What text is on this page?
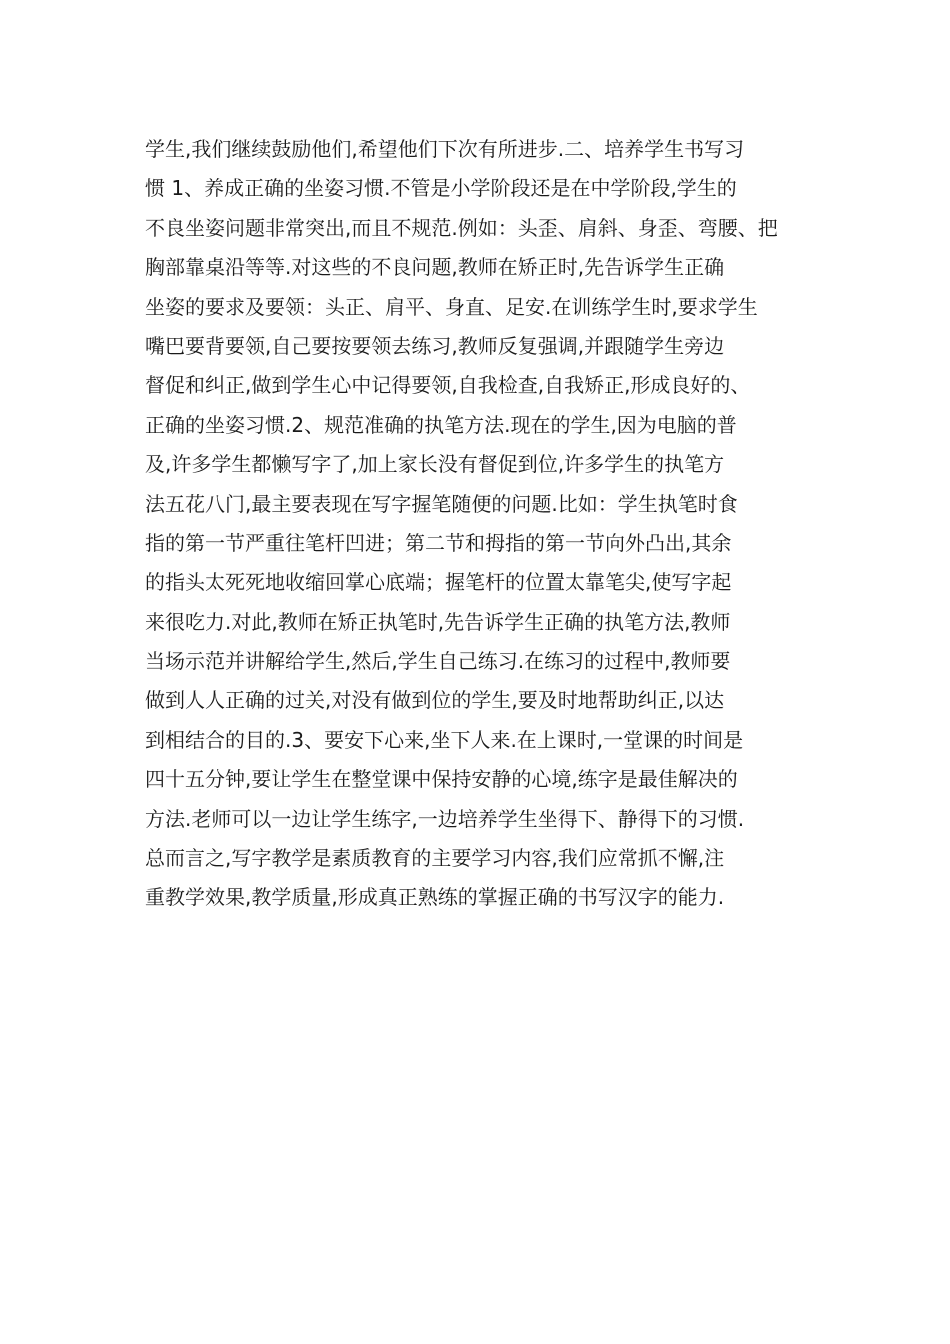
学生,我们继续鼓励他们,希望他们下次有所进步.二、培养学生书写习
惯 1、养成正确的坐姿习惯.不管是小学阶段还是在中学阶段,学生的
不良坐姿问题非常突出,而且不规范.例如：头歪、肩斜、身歪、弯腰、把
胸部靠桌沿等等.对这些的不良问题,教师在矫正时,先告诉学生正确
坐姿的要求及要领：头正、肩平、身直、足安.在训练学生时,要求学生
嘴巴要背要领,自己要按要领去练习,教师反复强调,并跟随学生旁边
督促和纠正,做到学生心中记得要领,自我检查,自我矫正,形成良好的、
正确的坐姿习惯.2、规范准确的执笔方法.现在的学生,因为电脑的普
及,许多学生都懒写字了,加上家长没有督促到位,许多学生的执笔方
法五花八门,最主要表现在写字握笔随便的问题.比如：学生执笔时食
指的第一节严重往笔杆凹进；第二节和拇指的第一节向外凸出,其余
的指头太死死地收缩回掌心底端；握笔杆的位置太靠笔尖,使写字起
来很吃力.对此,教师在矫正执笔时,先告诉学生正确的执笔方法,教师
当场示范并讲解给学生,然后,学生自己练习.在练习的过程中,教师要
做到人人正确的过关,对没有做到位的学生,要及时地帮助纠正,以达
到相结合的目的.3、要安下心来,坐下人来.在上课时,一堂课的时间是
四十五分钟,要让学生在整堂课中保持安静的心境,练字是最佳解决的
方法.老师可以一边让学生练字,一边培养学生坐得下、静得下的习惯.
总而言之,写字教学是素质教育的主要学习内容,我们应常抓不懈,注
重教学效果,教学质量,形成真正熟练的掌握正确的书写汉字的能力.
